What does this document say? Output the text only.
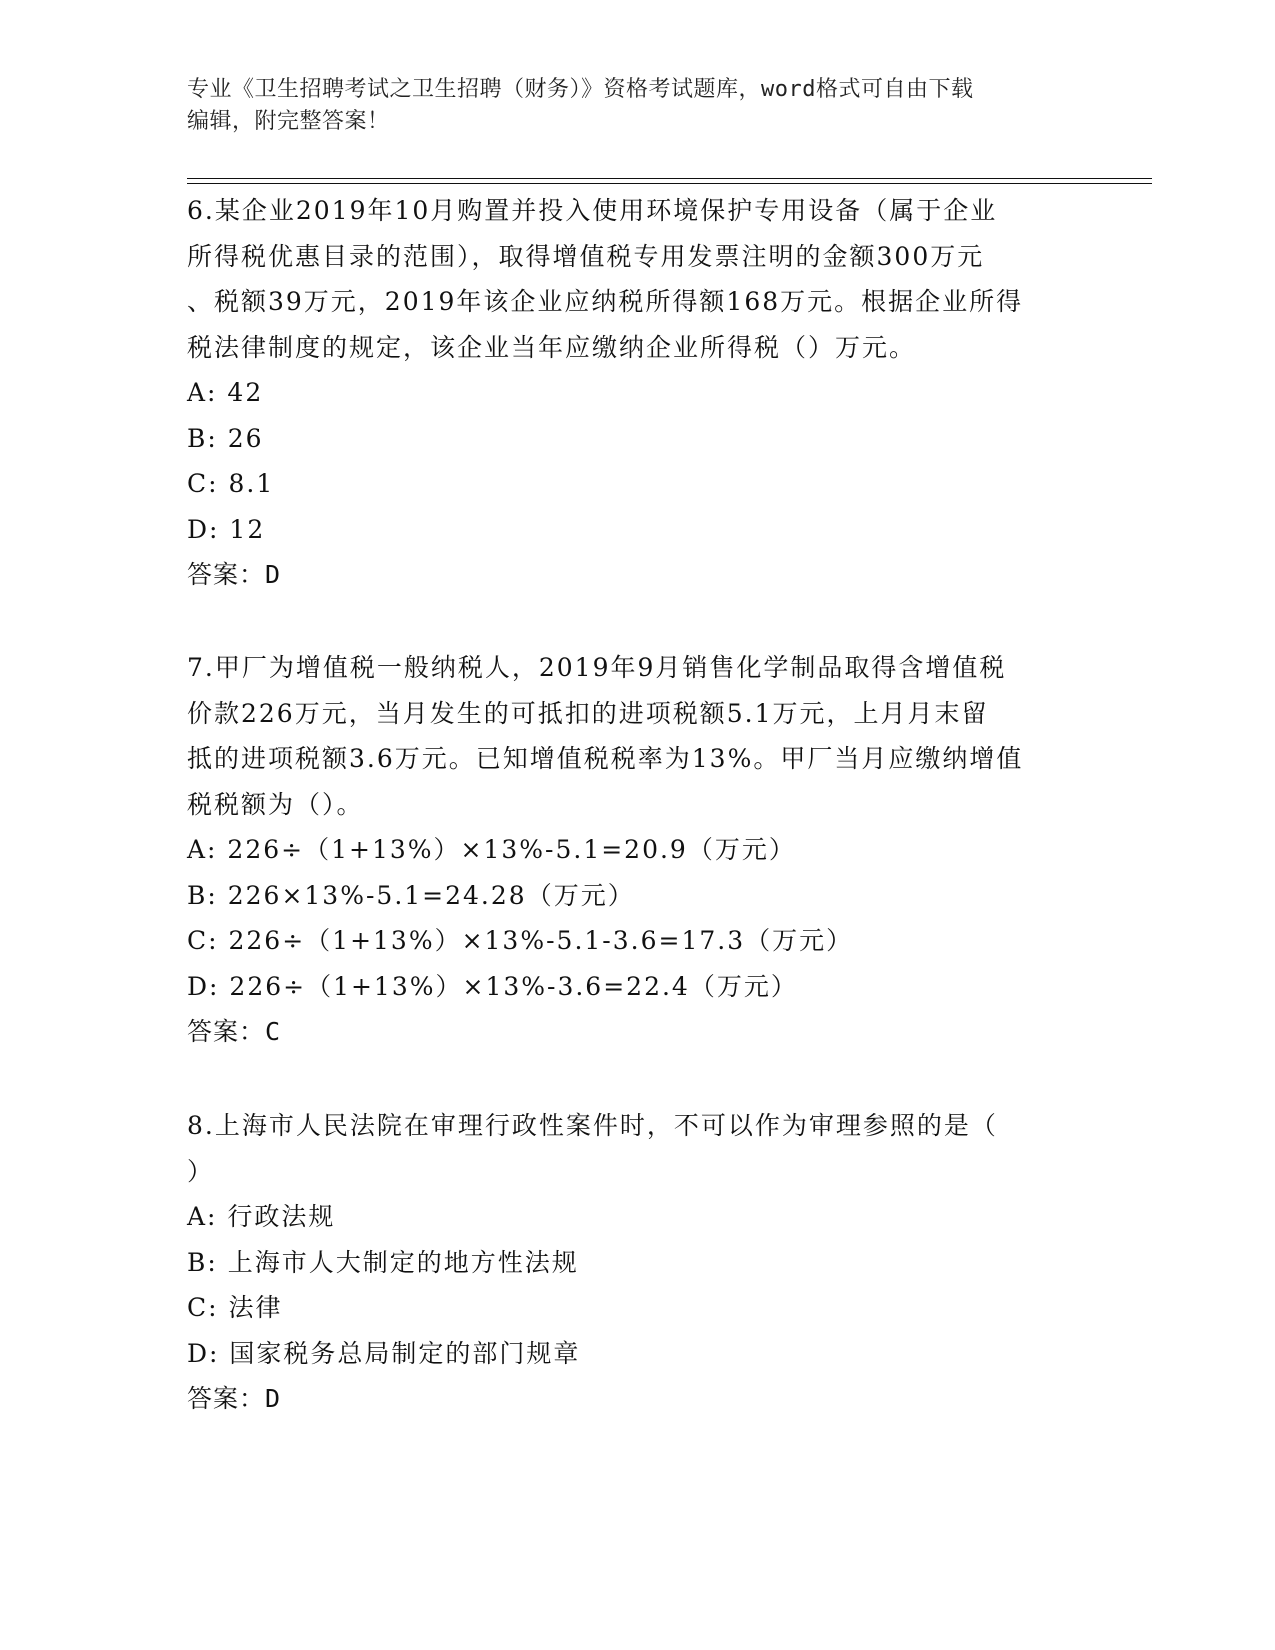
专业《卫生招聘考试之卫生招聘（财务）》资格考试题库，word格式可自由下载

编辑，附完整答案！

6.某企业2019年10月购置并投入使用环境保护专用设备（属于企业

所得税优惠目录的范围），取得增值税专用发票注明的金额300万元

、税额39万元，2019年该企业应纳税所得额168万元。根据企业所得

税法律制度的规定，该企业当年应缴纳企业所得税（）万元。

A: 42

B: 26

C: 8.1

D: 12

答案：D

7.甲厂为增值税一般纳税人，2019年9月销售化学制品取得含增值税

价款226万元，当月发生的可抵扣的进项税额5.1万元，上月月末留

抵的进项税额3.6万元。已知增值税税率为13%。甲厂当月应缴纳增值

税税额为（）。

A: 226÷（1+13%）×13%-5.1=20.9（万元）

B: 226×13%-5.1=24.28（万元）

C: 226÷（1+13%）×13%-5.1-3.6=17.3（万元）

D: 226÷（1+13%）×13%-3.6=22.4（万元）

答案：C

8.上海市人民法院在审理行政性案件时，不可以作为审理参照的是（

）

A: 行政法规

B: 上海市人大制定的地方性法规

C: 法律

D: 国家税务总局制定的部门规章

答案：D
